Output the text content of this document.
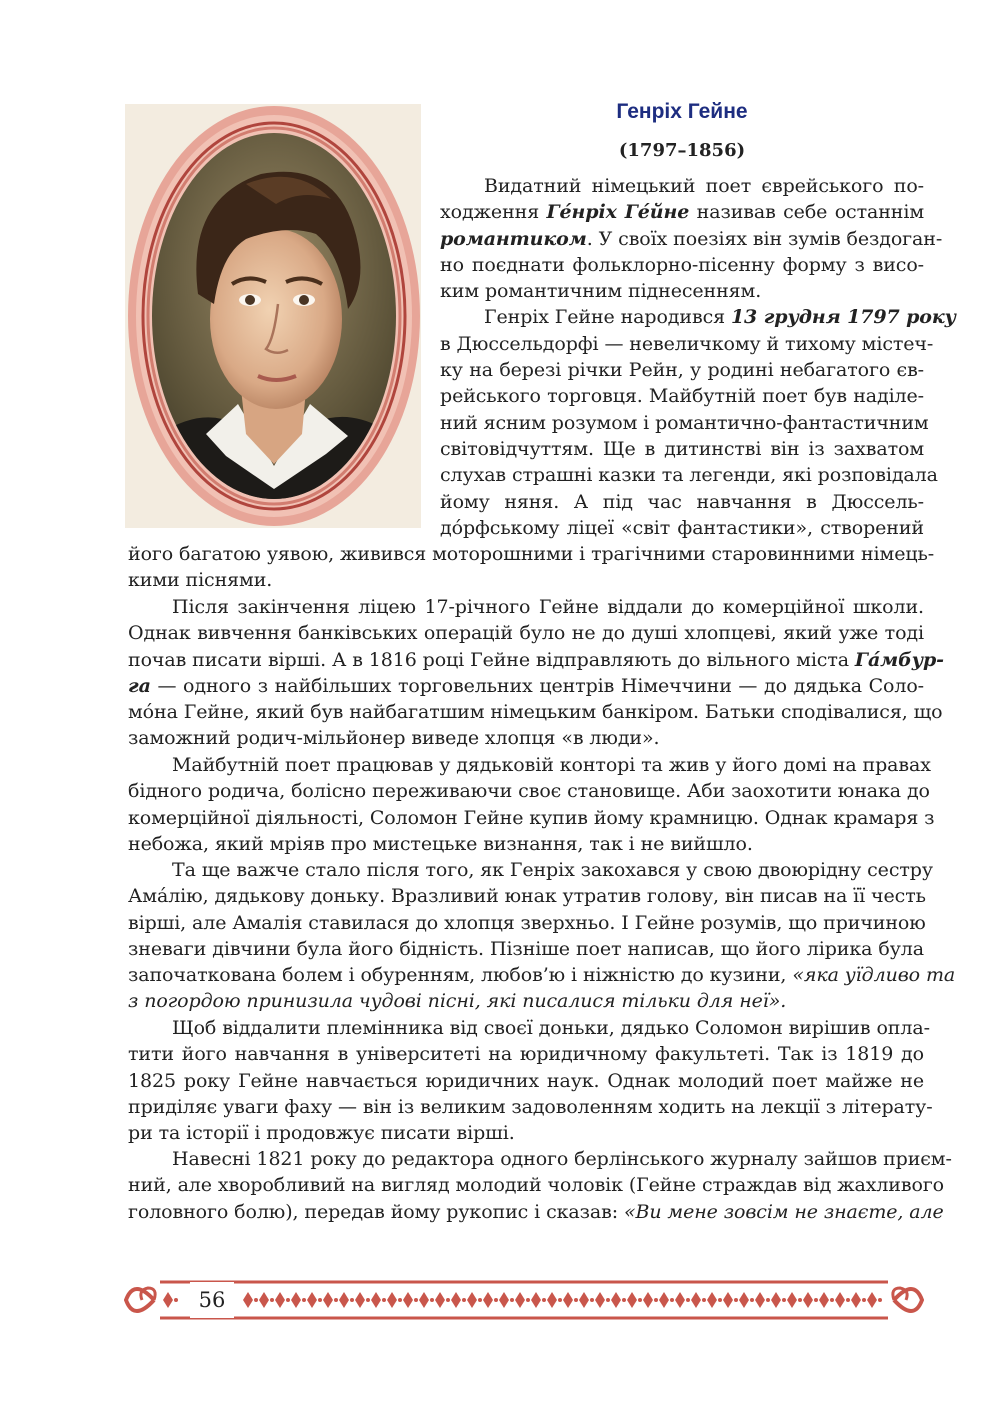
Генріх Гейне
(1797–1856)
Видатний німецький поет єврейського по-
ходження Ге́нріх Ге́йне називав себе останнім
романтиком. У своїх поезіях він зумів бездоган-
но поєднати фольклорно-пісенну форму з висо-
ким романтичним піднесенням.
Генріх Гейне народився 13 грудня 1797 року
в Дюссельдорфі — невеличкому й тихому містеч-
ку на березі річки Рейн, у родині небагатого єв-
рейського торговця. Майбутній поет був наділе-
ний ясним розумом і романтично-фантастичним
світовідчуттям. Ще в дитинстві він із захватом
слухав страшні казки та легенди, які розповідала
йому няня. А під час навчання в Дюссель-
до́рфському ліцеї «світ фантастики», створений
його багатою уявою, живився моторошними і трагічними старовинними німець-
кими піснями.
Після закінчення ліцею 17-річного Гейне віддали до комерційної школи.
Однак вивчення банківських операцій було не до душі хлопцеві, який уже тоді
почав писати вірші. А в 1816 році Гейне відправляють до вільного міста Га́мбур-
га — одного з найбільших торговельних центрів Німеччини — до дядька Соло-
мо́на Гейне, який був найбагатшим німецьким банкіром. Батьки сподівалися, що
заможний родич-мільйонер виведе хлопця «в люди».
Майбутній поет працював у дядьковій конторі та жив у його домі на правах
бідного родича, болісно переживаючи своє становище. Аби заохотити юнака до
комерційної діяльності, Соломон Гейне купив йому крамницю. Однак крамаря з
небожа, який мріяв про мистецьке визнання, так і не вийшло.
Та ще важче стало після того, як Генріх закохався у свою двоюрідну сестру
Ама́лію, дядькову доньку. Вразливий юнак утратив голову, він писав на її честь
вірші, але Амалія ставилася до хлопця зверхньо. І Гейне розумів, що причиною
зневаги дівчини була його бідність. Пізніше поет написав, що його лірика була
започаткована болем і обуренням, любов’ю і ніжністю до кузини, «яка уїдливо та
з погордою принизила чудові пісні, які писалися тільки для неї».
Щоб віддалити племінника від своєї доньки, дядько Соломон вирішив опла-
тити його навчання в університеті на юридичному факультеті. Так із 1819 до
1825 року Гейне навчається юридичних наук. Однак молодий поет майже не
приділяє уваги фаху — він із великим задоволенням ходить на лекції з літерату-
ри та історії і продовжує писати вірші.
Навесні 1821 року до редактора одного берлінського журналу зайшов приєм-
ний, але хворобливий на вигляд молодий чоловік (Гейне страждав від жахливого
головного болю), передав йому рукопис і сказав: «Ви мене зовсім не знаєте, але
56
